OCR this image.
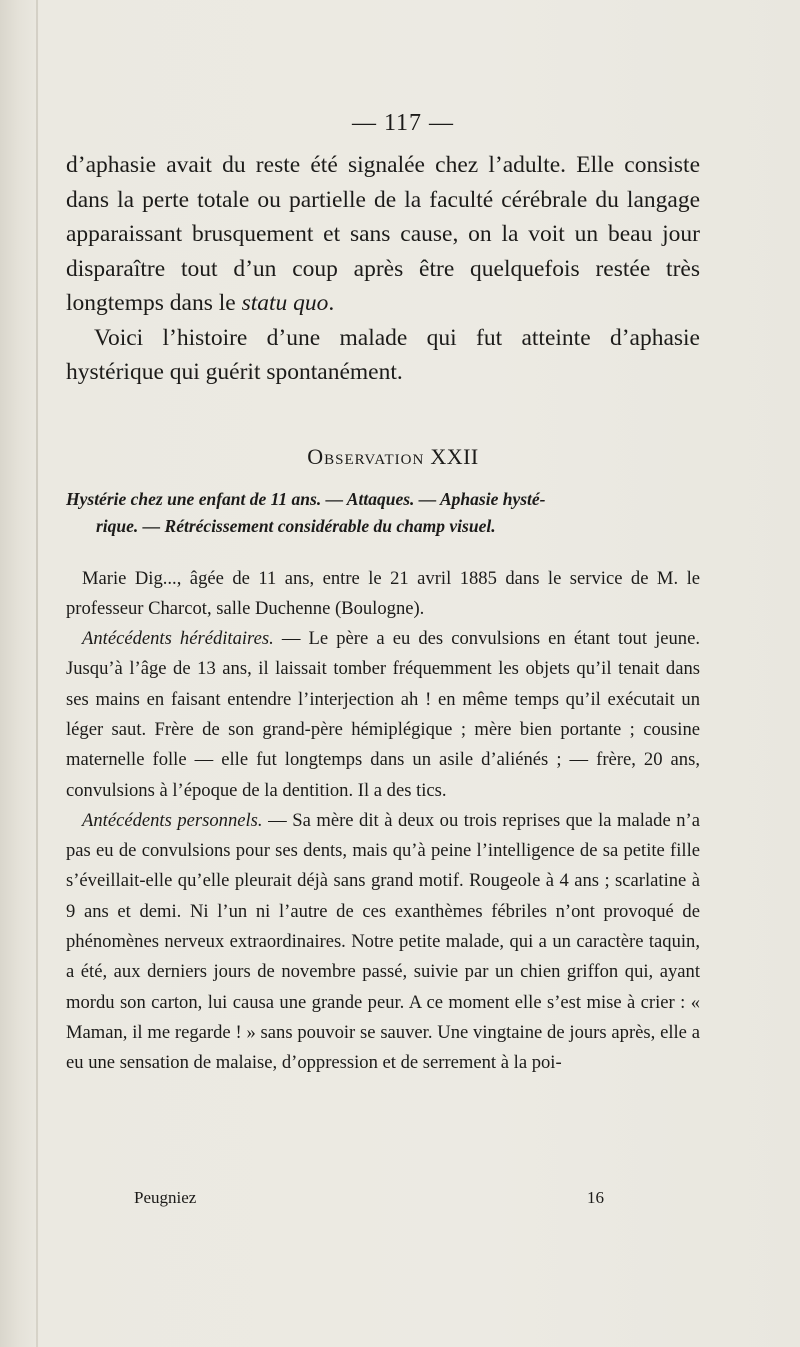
— 117 —

d’aphasie avait du reste été signalée chez l’adulte. Elle consiste dans la perte totale ou partielle de la faculté cérébrale du langage apparaissant brusquement et sans cause, on la voit un beau jour disparaître tout d’un coup après être quelquefois restée très longtemps dans le statu quo.

Voici l’histoire d’une malade qui fut atteinte d’aphasie hystérique qui guérit spontanément.

Observation XXII
Hystérie chez une enfant de 11 ans. — Attaques. — Aphasie hysté-
rique. — Rétrécissement considérable du champ visuel.

Marie Dig..., âgée de 11 ans, entre le 21 avril 1885 dans le service de M. le professeur Charcot, salle Duchenne (Boulogne).

Antécédents héréditaires. — Le père a eu des convulsions en étant tout jeune. Jusqu’à l’âge de 13 ans, il laissait tomber fréquemment les objets qu’il tenait dans ses mains en faisant entendre l’interjection ah ! en même temps qu’il exécutait un léger saut. Frère de son grand-père hémiplégique ; mère bien portante ; cousine maternelle folle — elle fut longtemps dans un asile d’aliénés ; — frère, 20 ans, convulsions à l’époque de la dentition. Il a des tics.

Antécédents personnels. — Sa mère dit à deux ou trois reprises que la malade n’a pas eu de convulsions pour ses dents, mais qu’à peine l’intelligence de sa petite fille s’éveillait-elle qu’elle pleurait déjà sans grand motif. Rougeole à 4 ans ; scarlatine à 9 ans et demi. Ni l’un ni l’autre de ces exanthèmes fébriles n’ont provoqué de phénomènes nerveux extraordinaires. Notre petite malade, qui a un caractère taquin, a été, aux derniers jours de novembre passé, suivie par un chien griffon qui, ayant mordu son carton, lui causa une grande peur. A ce moment elle s’est mise à crier : « Maman, il me regarde ! » sans pouvoir se sauver. Une vingtaine de jours après, elle a eu une sensation de malaise, d’oppression et de serrement à la poi-

Peugniez	16
